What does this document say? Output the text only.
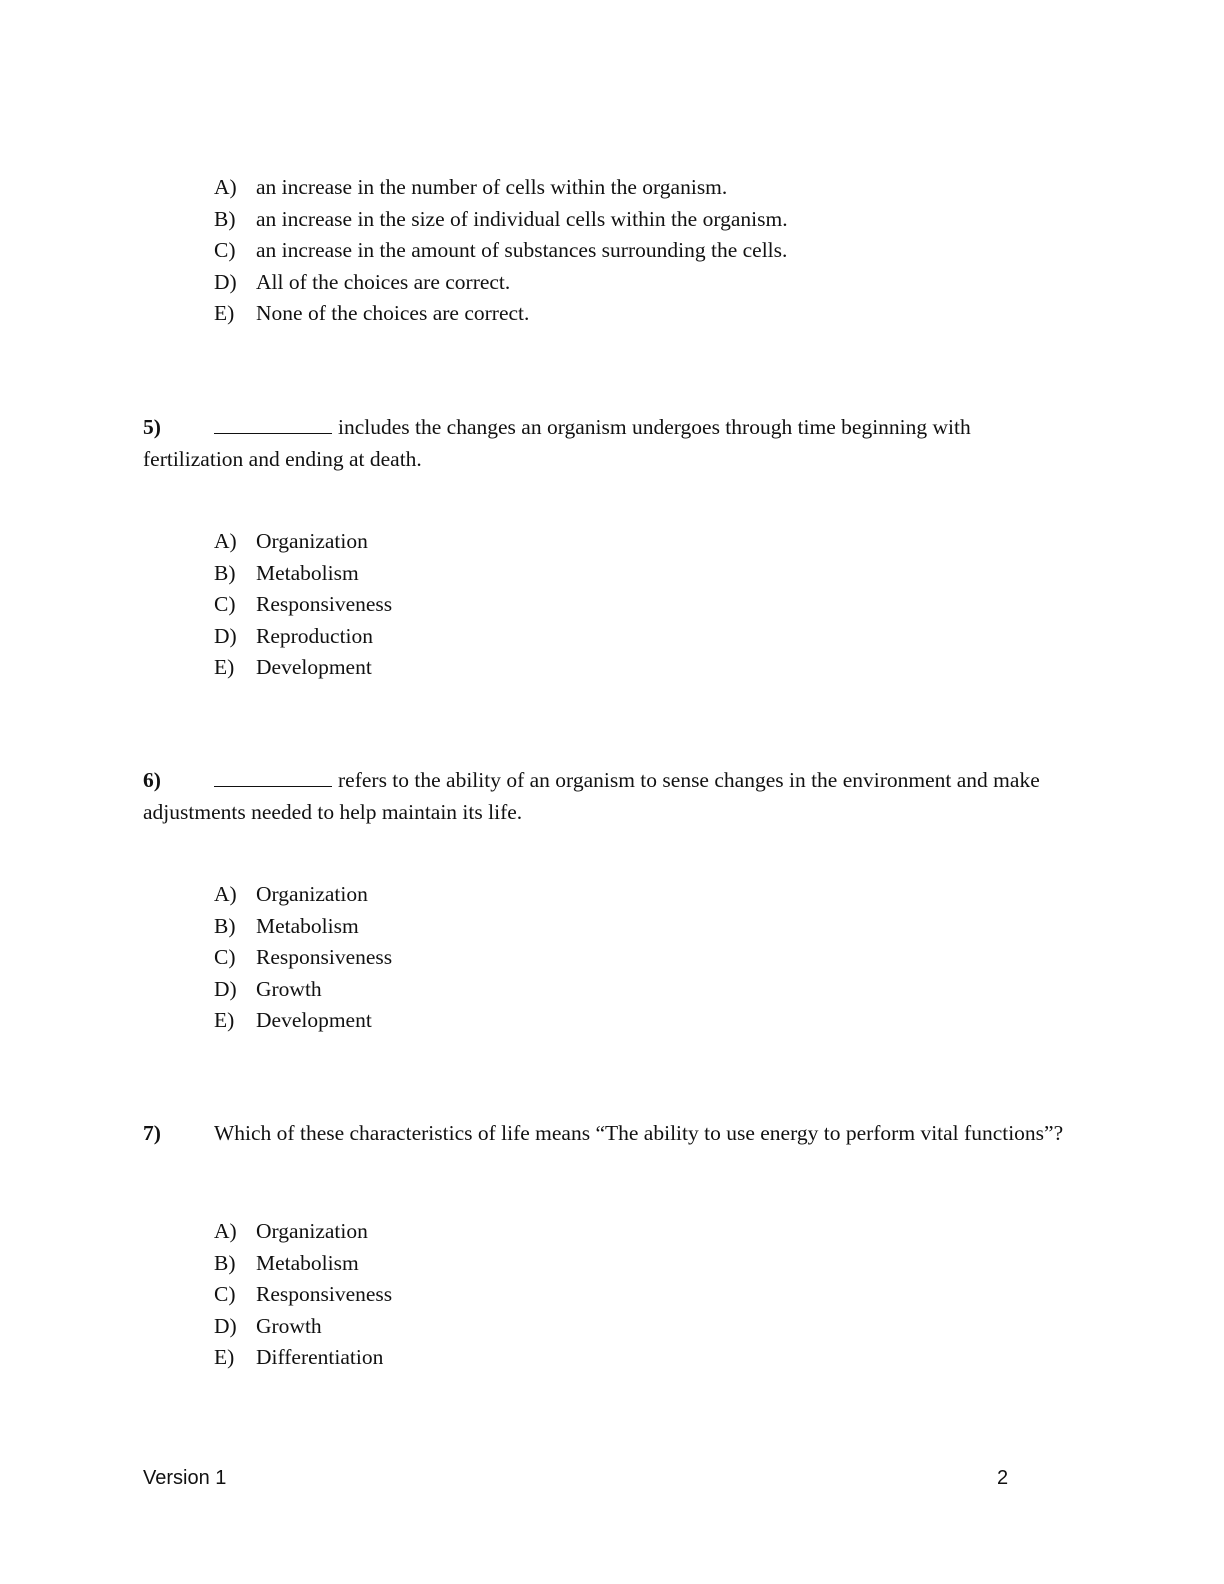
A) an increase in the number of cells within the organism.
B) an increase in the size of individual cells within the organism.
C) an increase in the amount of substances surrounding the cells.
D) All of the choices are correct.
E) None of the choices are correct.
5)	includes the changes an organism undergoes through time beginning with fertilization and ending at death.
A) Organization
B) Metabolism
C) Responsiveness
D) Reproduction
E) Development
6)	refers to the ability of an organism to sense changes in the environment and make adjustments needed to help maintain its life.
A) Organization
B) Metabolism
C) Responsiveness
D) Growth
E) Development
7) Which of these characteristics of life means “The ability to use energy to perform vital functions”?
A) Organization
B) Metabolism
C) Responsiveness
D) Growth
E) Differentiation
Version 1	2
